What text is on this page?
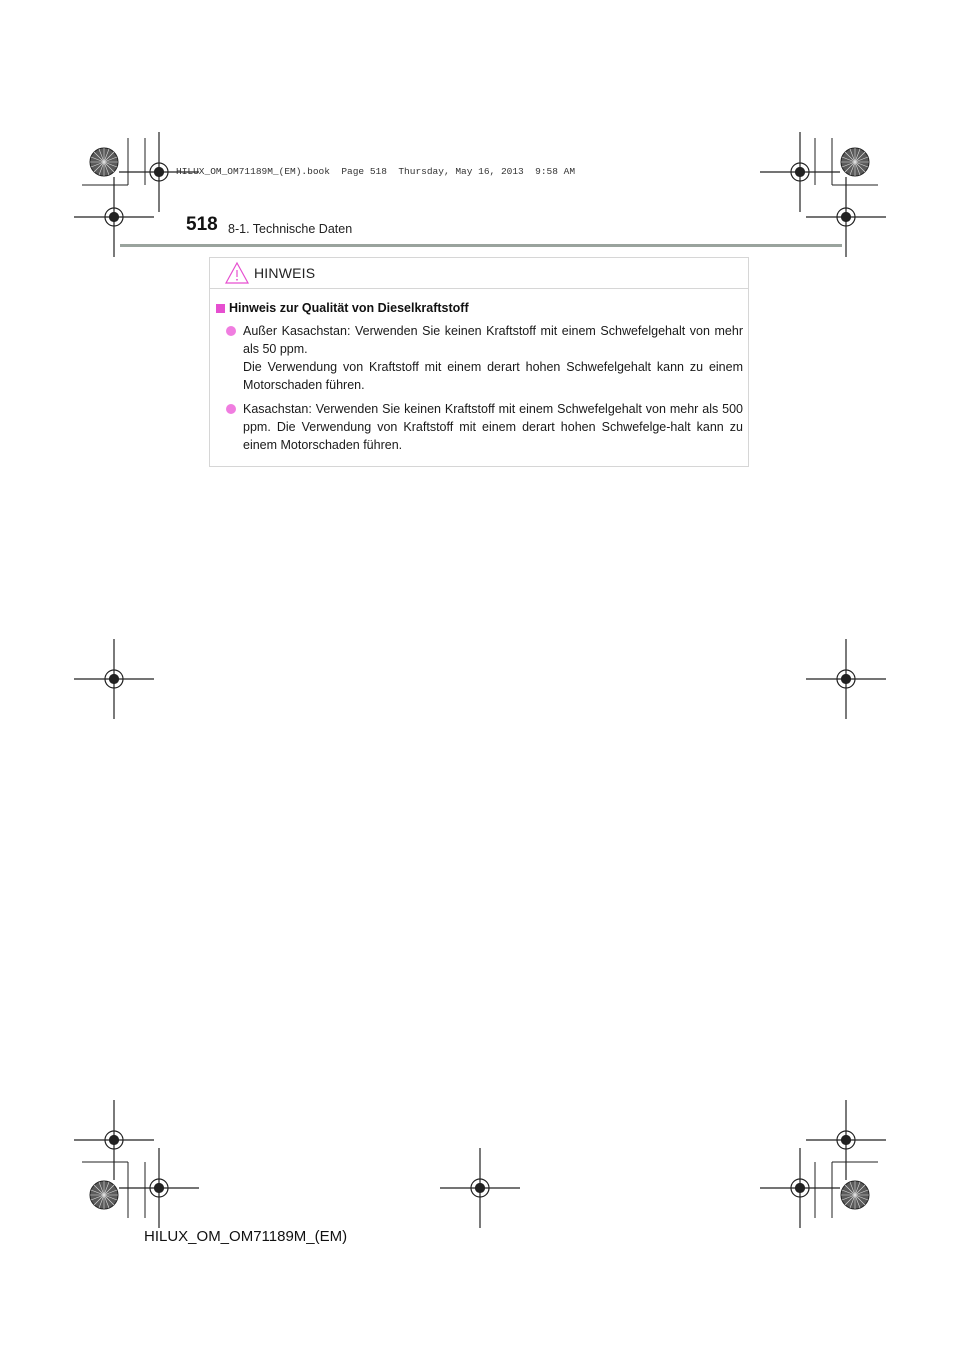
HILUX_OM_OM71189M_(EM).book  Page 518  Thursday, May 16, 2013  9:58 AM
518 8-1. Technische Daten
HINWEIS
Hinweis zur Qualität von Dieselkraftstoff

Außer Kasachstan: Verwenden Sie keinen Kraftstoff mit einem Schwefelgehalt von mehr als 50 ppm.

Die Verwendung von Kraftstoff mit einem derart hohen Schwefelgehalt kann zu einem Motorschaden führen.

Kasachstan: Verwenden Sie keinen Kraftstoff mit einem Schwefelgehalt von mehr als 500 ppm. Die Verwendung von Kraftstoff mit einem derart hohen Schwefelge-halt kann zu einem Motorschaden führen.

HILUX_OM_OM71189M_(EM)
